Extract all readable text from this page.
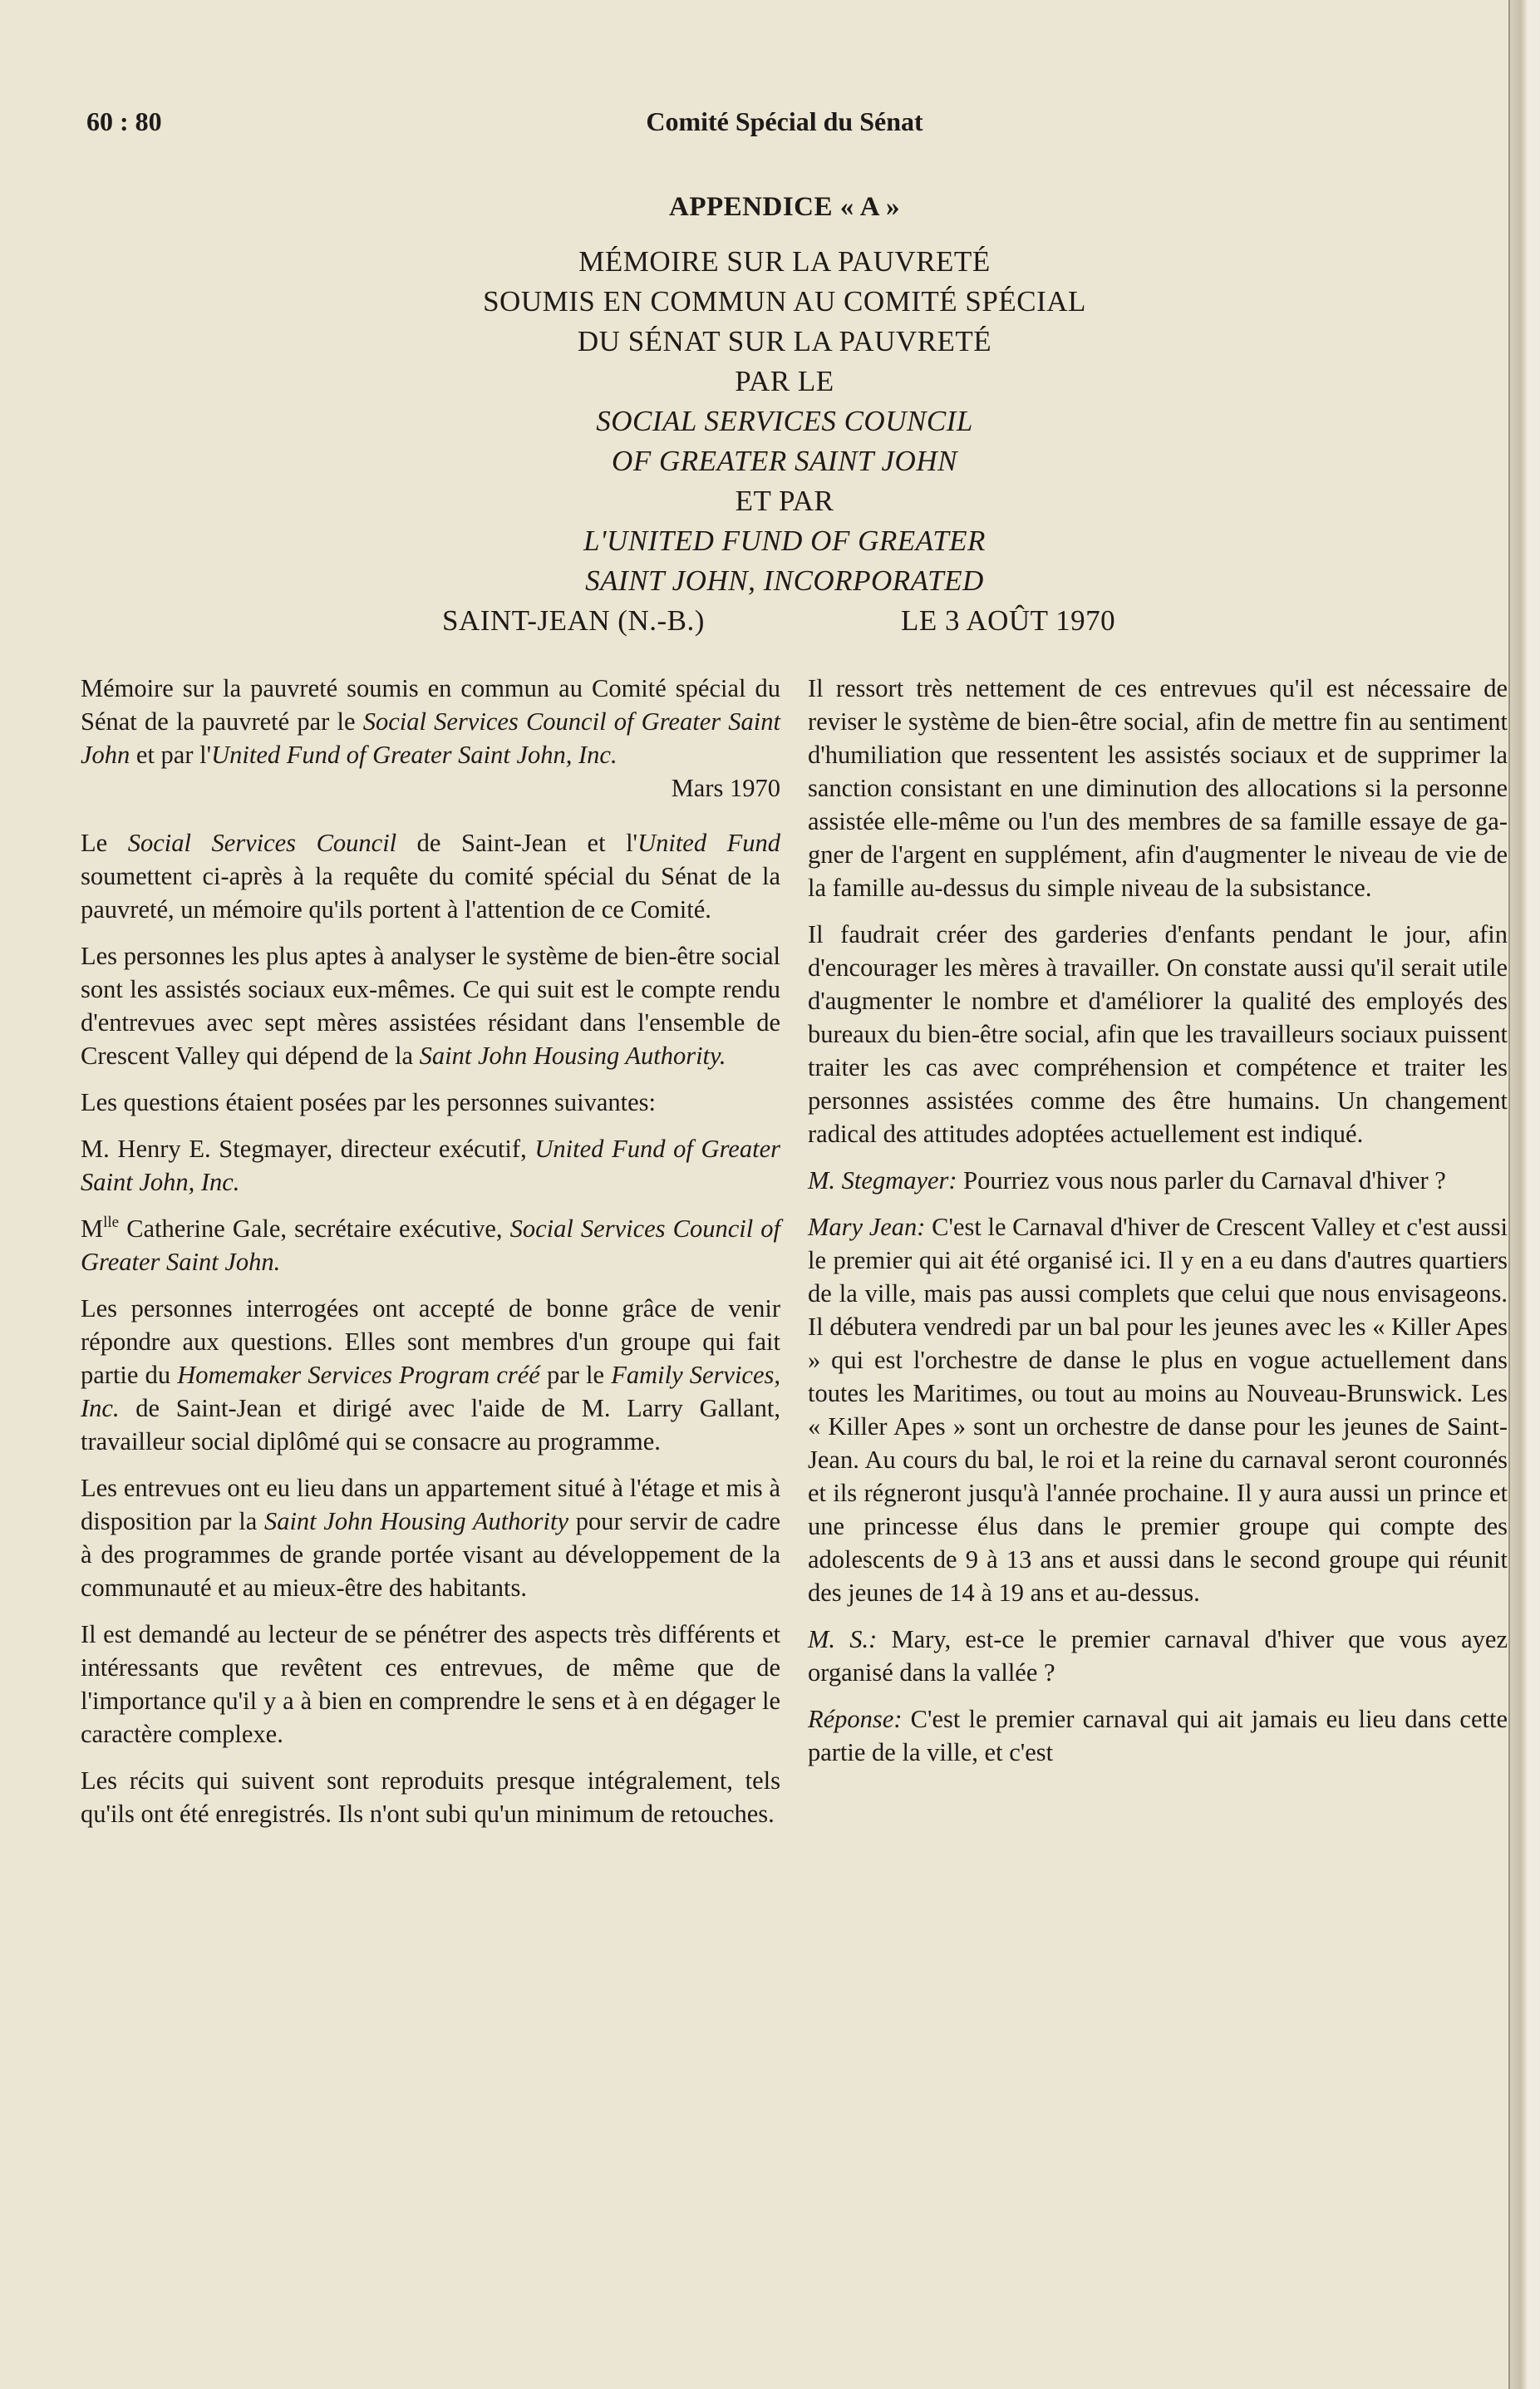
60 : 80	Comité Spécial du Sénat
APPENDICE « A »
MÉMOIRE SUR LA PAUVRETÉ
SOUMIS EN COMMUN AU COMITÉ SPÉCIAL
DU SÉNAT SUR LA PAUVRETÉ
PAR LE
SOCIAL SERVICES COUNCIL
OF GREATER SAINT JOHN
ET PAR
L'UNITED FUND OF GREATER
SAINT JOHN, INCORPORATED
SAINT-JEAN (N.-B.)	LE 3 AOÛT 1970

Mémoire sur la pauvreté soumis en commun au Comité spécial du Sénat de la pauvreté par le Social Services Council of Greater Saint John et par l'United Fund of Greater Saint John, Inc.

Mars 1970

Le Social Services Council de Saint-Jean et l'United Fund soumettent ci-après à la requête du comité spécial du Sénat de la pauvreté, un mémoire qu'ils portent à l'attention de ce Comité.

Les personnes les plus aptes à analyser le système de bien-être social sont les assistés sociaux eux-mêmes. Ce qui suit est le compte rendu d'entrevues avec sept mères assistées résidant dans l'ensemble de Crescent Valley qui dépend de la Saint John Housing Authority.

Les questions étaient posées par les personnes suivantes:

M. Henry E. Stegmayer, directeur exécutif, United Fund of Greater Saint John, Inc.

$M^{lle}$ Catherine Gale, secrétaire exécutive, Social Services Council of Greater Saint John.

Les personnes interrogées ont accepté de bonne grâce de venir répondre aux questions. Elles sont membres d'un groupe qui fait partie du Homemaker Services Program créé par le Family Services, Inc. de Saint-Jean et dirigé avec l'aide de M. Larry Gallant, travailleur social diplômé qui se consacre au programme.

Les entrevues ont eu lieu dans un appartement situé à l'étage et mis à disposition par la Saint John Housing Authority pour servir de cadre à des programmes de grande portée visant au développement de la communauté et au mieux-être des habitants.

Il est demandé au lecteur de se pénétrer des aspects très différents et intéressants que revêtent ces entrevues, de même que de l'importance qu'il y a à bien en comprendre le sens et à en dégager le caractère complexe.

Les récits qui suivent sont reproduits presque intégralement, tels qu'ils ont été enregistrés. Ils n'ont subi qu'un minimum de retouches.

Il ressort très nettement de ces entrevues qu'il est nécessaire de reviser le système de bien-être social, afin de mettre fin au sentiment d'humiliation que ressentent les assistés sociaux et de supprimer la sanction consistant en une diminution des allocations si la personne assistée elle-même ou l'un des membres de sa famille essaye de gagner de l'argent en supplément, afin d'augmenter le niveau de vie de la famille au-dessus du simple niveau de la subsistance.

Il faudrait créer des garderies d'enfants pendant le jour, afin d'encourager les mères à travailler. On constate aussi qu'il serait utile d'augmenter le nombre et d'améliorer la qualité des employés des bureaux du bien-être social, afin que les travailleurs sociaux puissent traiter les cas avec compréhension et compétence et traiter les personnes assistées comme des être humains. Un changement radical des attitudes adoptées actuellement est indiqué.

M. Stegmayer: Pourriez vous nous parler du Carnaval d'hiver ?

Mary Jean: C'est le Carnaval d'hiver de Crescent Valley et c'est aussi le premier qui ait été organisé ici. Il y en a eu dans d'autres quartiers de la ville, mais pas aussi complets que celui que nous envisageons. Il débutera vendredi par un bal pour les jeunes avec les « Killer Apes » qui est l'orchestre de danse le plus en vogue actuellement dans toutes les Maritimes, ou tout au moins au Nouveau-Brunswick. Les « Killer Apes » sont un orchestre de danse pour les jeunes de Saint-Jean. Au cours du bal, le roi et la reine du carnaval seront couronnés et ils régneront jusqu'à l'année prochaine. Il y aura aussi un prince et une princesse élus dans le premier groupe qui compte des adolescents de 9 à 13 ans et aussi dans le second groupe qui réunit des jeunes de 14 à 19 ans et au-dessus.

M. S.: Mary, est-ce le premier carnaval d'hiver que vous ayez organisé dans la vallée ?

Réponse: C'est le premier carnaval qui ait jamais eu lieu dans cette partie de la ville, et c'est
